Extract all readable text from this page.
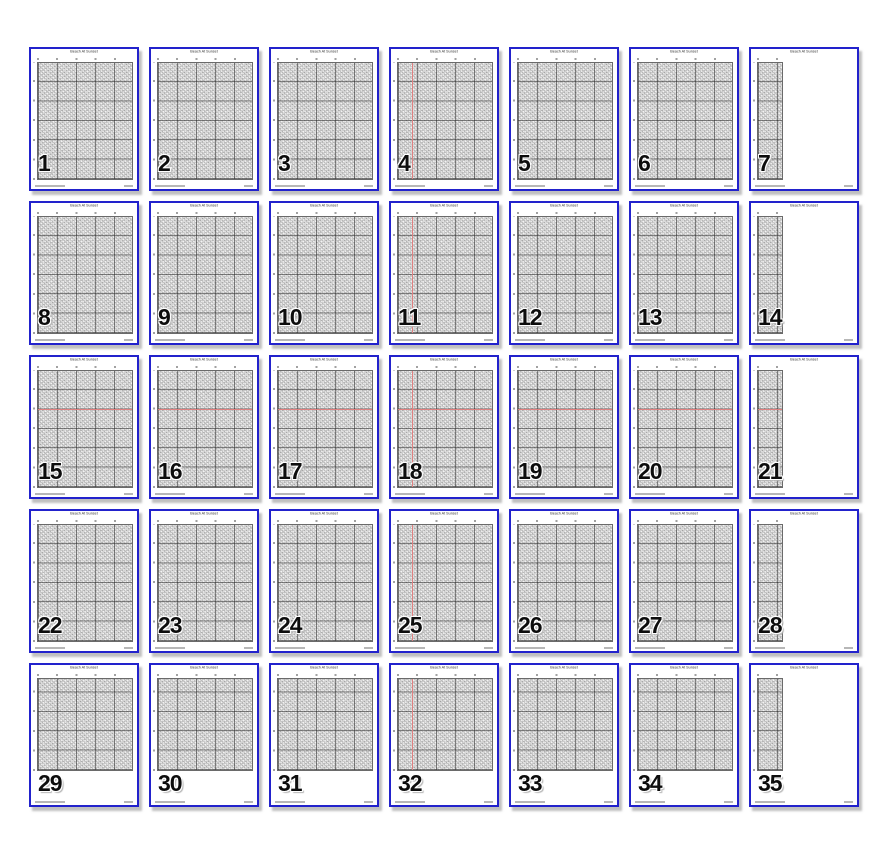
Beach At Sunset
1
Beach At Sunset
2
Beach At Sunset
3
Beach At Sunset
4
Beach At Sunset
5
Beach At Sunset
6
Beach At Sunset
7
Beach At Sunset
8
Beach At Sunset
9
Beach At Sunset
10
Beach At Sunset
11
Beach At Sunset
12
Beach At Sunset
13
Beach At Sunset
14
Beach At Sunset
15
Beach At Sunset
16
Beach At Sunset
17
Beach At Sunset
18
Beach At Sunset
19
Beach At Sunset
20
Beach At Sunset
21
Beach At Sunset
22
Beach At Sunset
23
Beach At Sunset
24
Beach At Sunset
25
Beach At Sunset
26
Beach At Sunset
27
Beach At Sunset
28
Beach At Sunset
29
Beach At Sunset
30
Beach At Sunset
31
Beach At Sunset
32
Beach At Sunset
33
Beach At Sunset
34
Beach At Sunset
35
